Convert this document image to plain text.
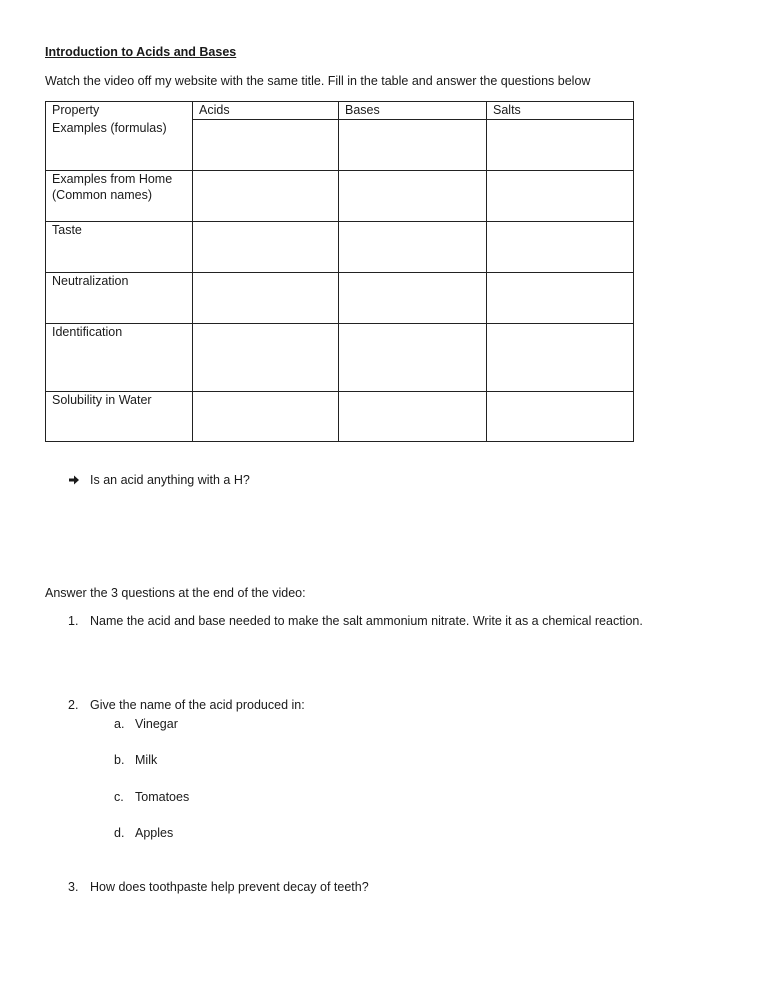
Introduction to Acids and Bases
Watch the video off my website with the same title. Fill in the table and answer the questions below
Property	Acids	Bases	Salts
Examples (formulas)			

Examples from Home (Common names)			

Taste			
Neutralization			
Identification			
Solubility in Water			
Is an acid anything with a H?
Answer the 3 questions at the end of the video:
1. Name the acid and base needed to make the salt ammonium nitrate. Write it as a chemical reaction.
2. Give the name of the acid produced in:
a. Vinegar
b. Milk
c. Tomatoes
d. Apples
3. How does toothpaste help prevent decay of teeth?
